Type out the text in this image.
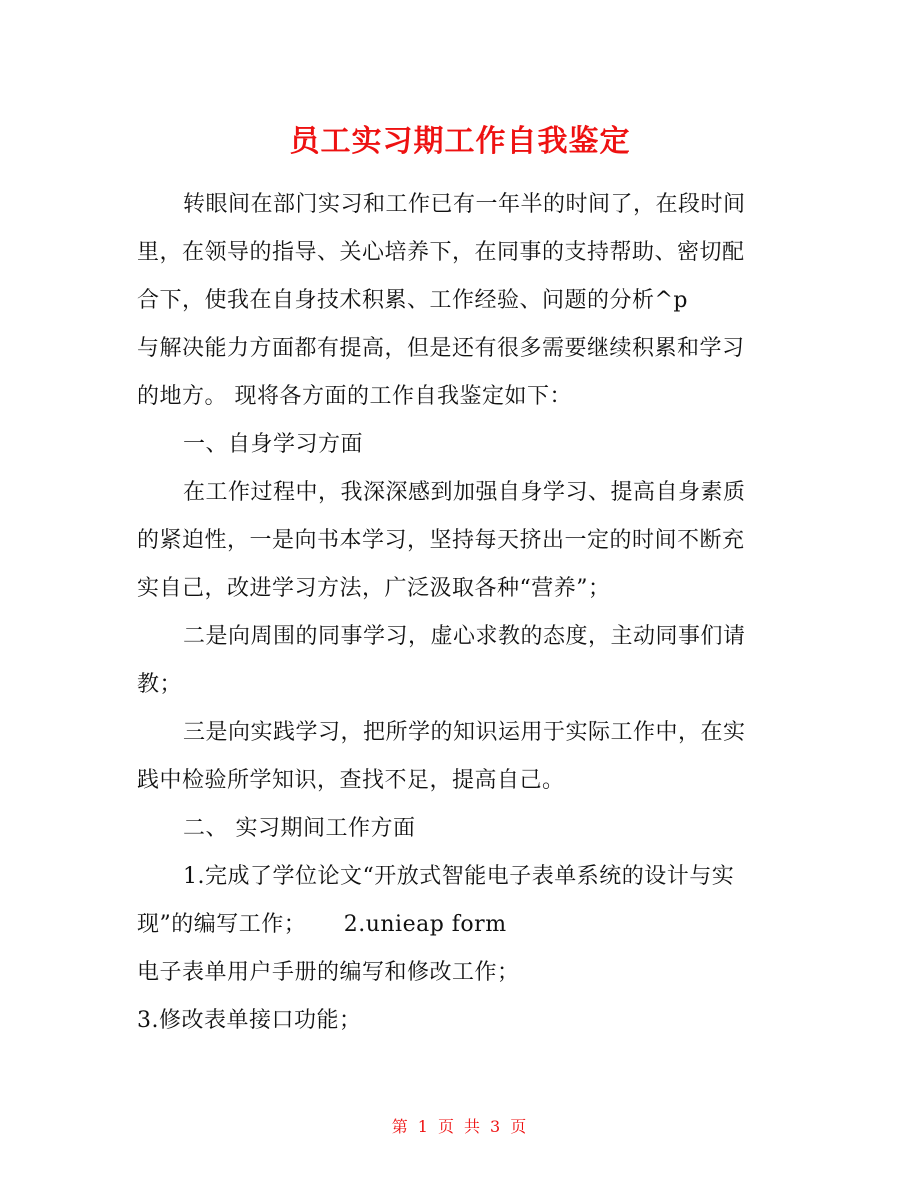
员工实习期工作自我鉴定
转眼间在部门实习和工作已有一年半的时间了，在段时间
里，在领导的指导、关心培养下，在同事的支持帮助、密切配
合下，使我在自身技术积累、工作经验、问题的分析^p
与解决能力方面都有提高，但是还有很多需要继续积累和学习
的地方。 现将各方面的工作自我鉴定如下：
一、自身学习方面
在工作过程中，我深深感到加强自身学习、提高自身素质
的紧迫性，一是向书本学习，坚持每天挤出一定的时间不断充
实自己，改进学习方法，广泛汲取各种“营养”；
二是向周围的同事学习，虚心求教的态度，主动同事们请
教；
三是向实践学习，把所学的知识运用于实际工作中，在实
践中检验所学知识，查找不足，提高自己。
二、 实习期间工作方面
1.完成了学位论文“开放式智能电子表单系统的设计与实
现”的编写工作；     2.unieap form
电子表单用户手册的编写和修改工作；
3.修改表单接口功能；
第 1 页 共 3 页
